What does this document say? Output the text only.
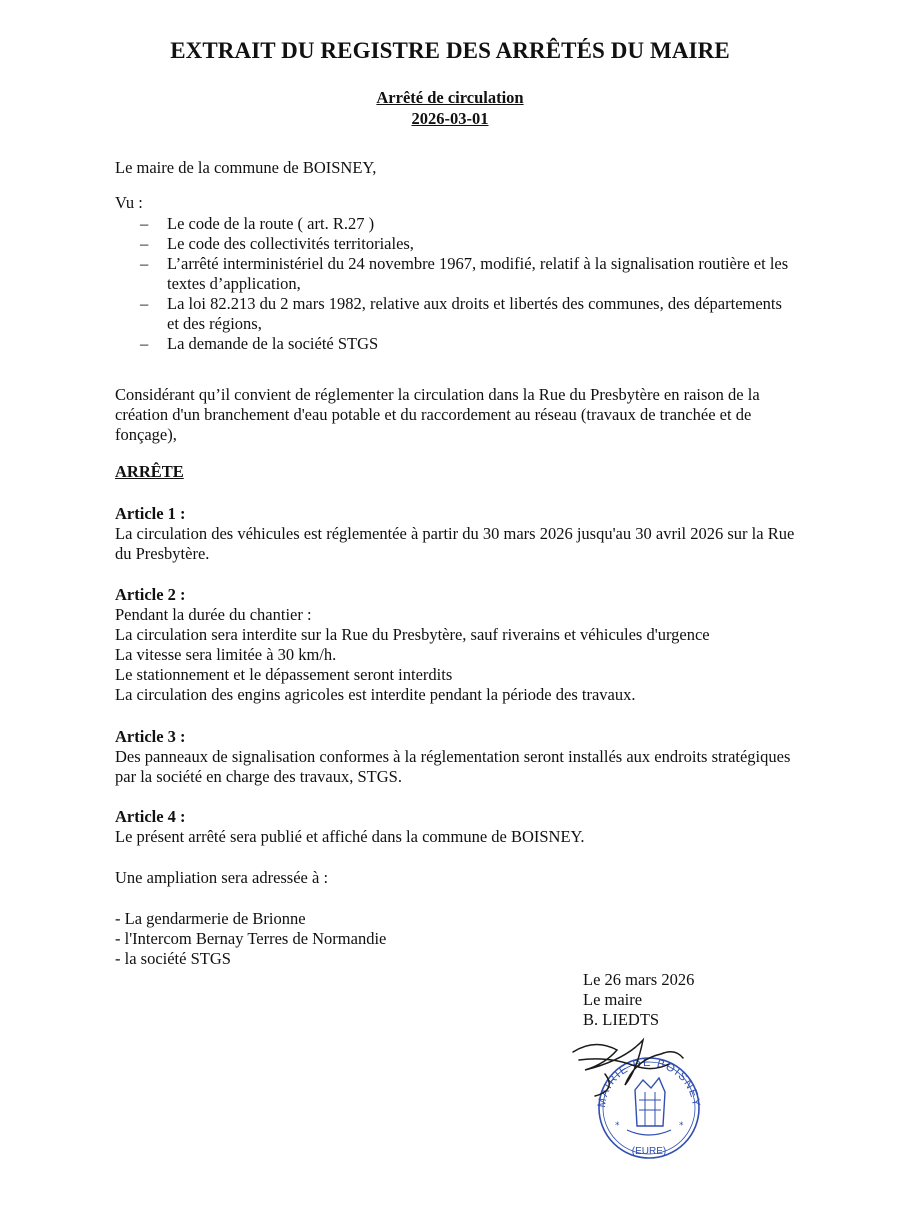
EXTRAIT DU REGISTRE DES ARRÊTÉS DU MAIRE
Arrêté de circulation
2026-03-01

Le maire de la commune de BOISNEY,

Vu :

– Le code de la route ( art. R.27 )
– Le code des collectivités territoriales,
– L’arrêté interministériel du 24 novembre 1967, modifié, relatif à la signalisation routière et les textes d’application,
– La loi 82.213 du 2 mars 1982, relative aux droits et libertés des communes, des départements et des régions,
– La demande de la société STGS

Considérant qu’il convient de réglementer la circulation dans la Rue du Presbytère en raison de la création d'un branchement d'eau potable et du raccordement au réseau (travaux de tranchée et de fonçage),

ARRÊTE

Article 1 :

La circulation des véhicules est réglementée à partir du 30 mars 2026 jusqu'au 30 avril 2026 sur la Rue du Presbytère.

Article 2 :

Pendant la durée du chantier :

La circulation sera interdite sur la Rue du Presbytère, sauf riverains et véhicules d'urgence

La vitesse sera limitée à 30 km/h.

Le stationnement et le dépassement seront interdits

La circulation des engins agricoles est interdite pendant la période des travaux.

Article 3 :

Des panneaux de signalisation conformes à la réglementation seront installés aux endroits stratégiques par la société en charge des travaux, STGS.

Article 4 :

Le présent arrêté sera publié et affiché dans la commune de BOISNEY.

Une ampliation sera adressée à :

- La gendarmerie de Brionne

- l'Intercom Bernay Terres de Normandie

- la société STGS

Le 26 mars 2026
Le maire
B. LIEDTS
*	*
MAIRIE DE BOISNEY
(EURE)
